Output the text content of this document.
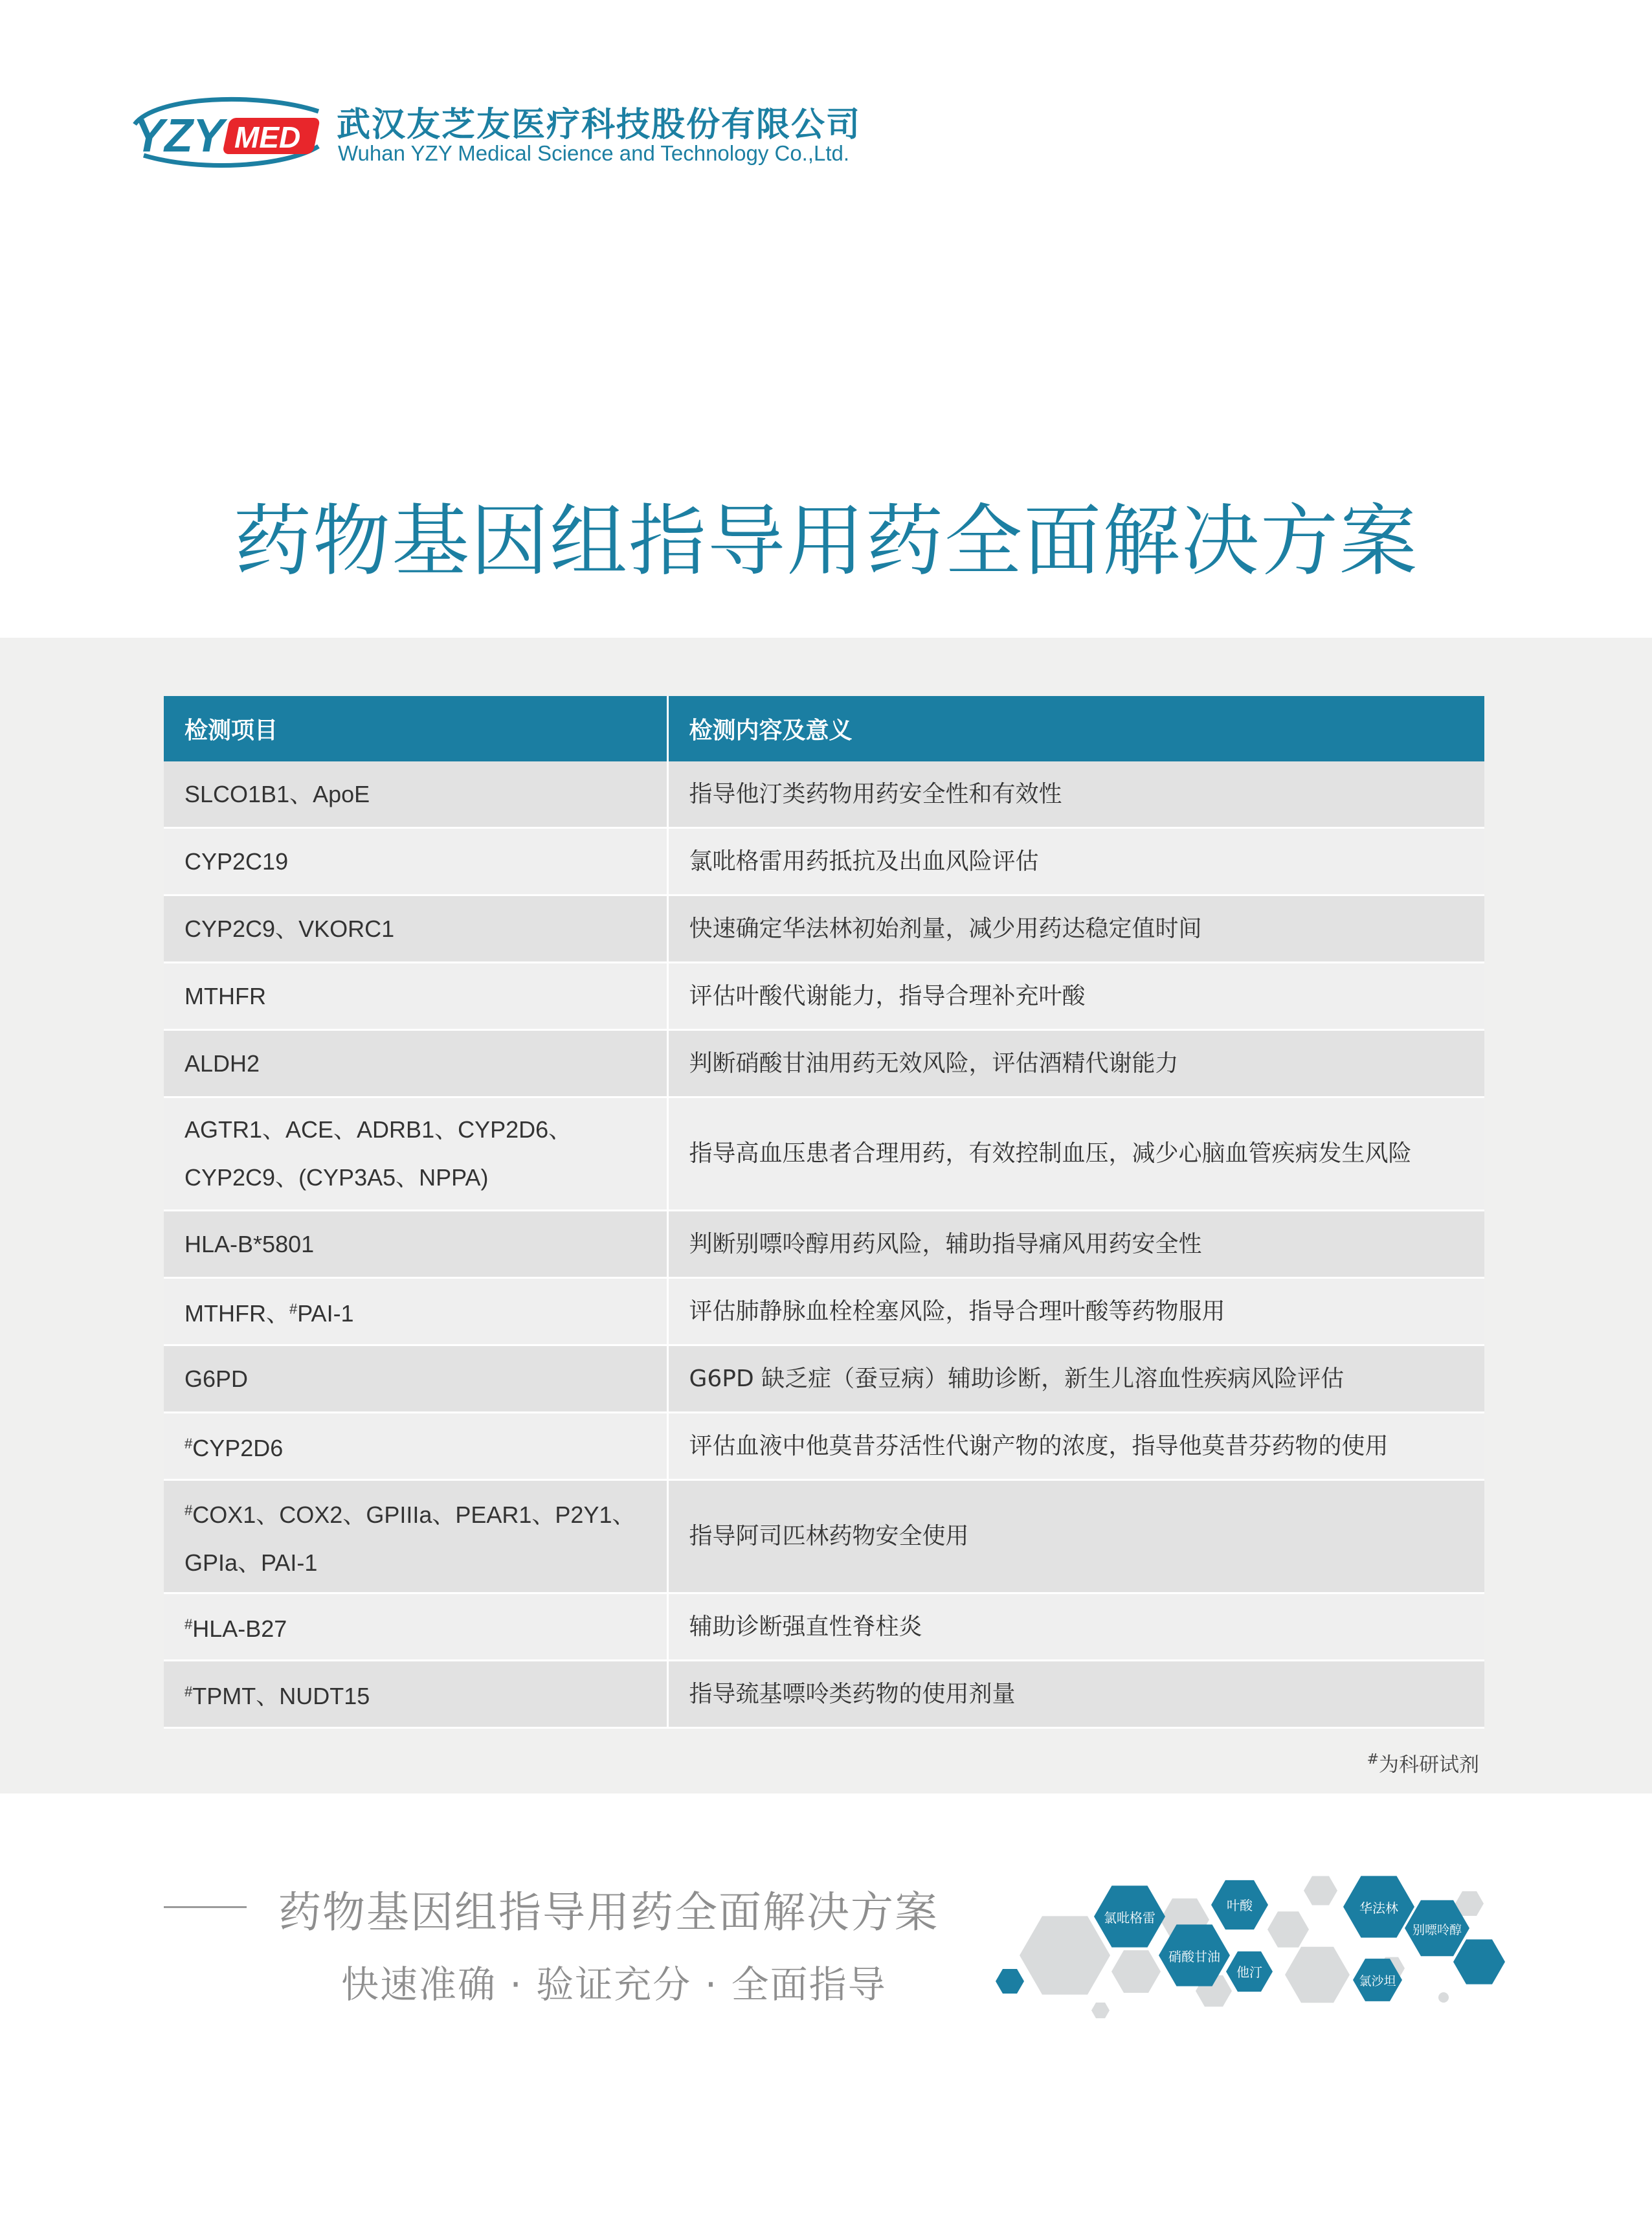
YZY MED 武汉友芝友医疗科技股份有限公司
Wuhan YZY Medical Science and Technology Co.,Ltd.
药物基因组指导用药全面解决方案
检测项目	检测内容及意义
SLCO1B1、ApoE	指导他汀类药物用药安全性和有效性
CYP2C19	氯吡格雷用药抵抗及出血风险评估
CYP2C9、VKORC1	快速确定华法林初始剂量，减少用药达稳定值时间
MTHFR	评估叶酸代谢能力，指导合理补充叶酸
ALDH2	判断硝酸甘油用药无效风险，评估酒精代谢能力
AGTR1、ACE、ADRB1、CYP2D6、
CYP2C9、(CYP3A5、NPPA)	指导高血压患者合理用药，有效控制血压，减少心脑血管疾病发生风险
HLA-B*5801	判断别嘌呤醇用药风险，辅助指导痛风用药安全性
MTHFR、#PAI-1	评估肺静脉血栓栓塞风险，指导合理叶酸等药物服用
G6PD	G6PD 缺乏症（蚕豆病）辅助诊断，新生儿溶血性疾病风险评估
#CYP2D6	评估血液中他莫昔芬活性代谢产物的浓度，指导他莫昔芬药物的使用
#COX1、COX2、GPIIIa、PEAR1、P2Y1、
GPIa、PAI-1	指导阿司匹林药物安全使用
#HLA-B27	辅助诊断强直性脊柱炎
#TPMT、NUDT15	指导巯基嘌呤类药物的使用剂量
#为科研试剂
药物基因组指导用药全面解决方案
快速准确 · 验证充分 · 全面指导
氯吡格雷
叶酸
硝酸甘油
他汀
华法林
别嘌呤醇
氯沙坦
